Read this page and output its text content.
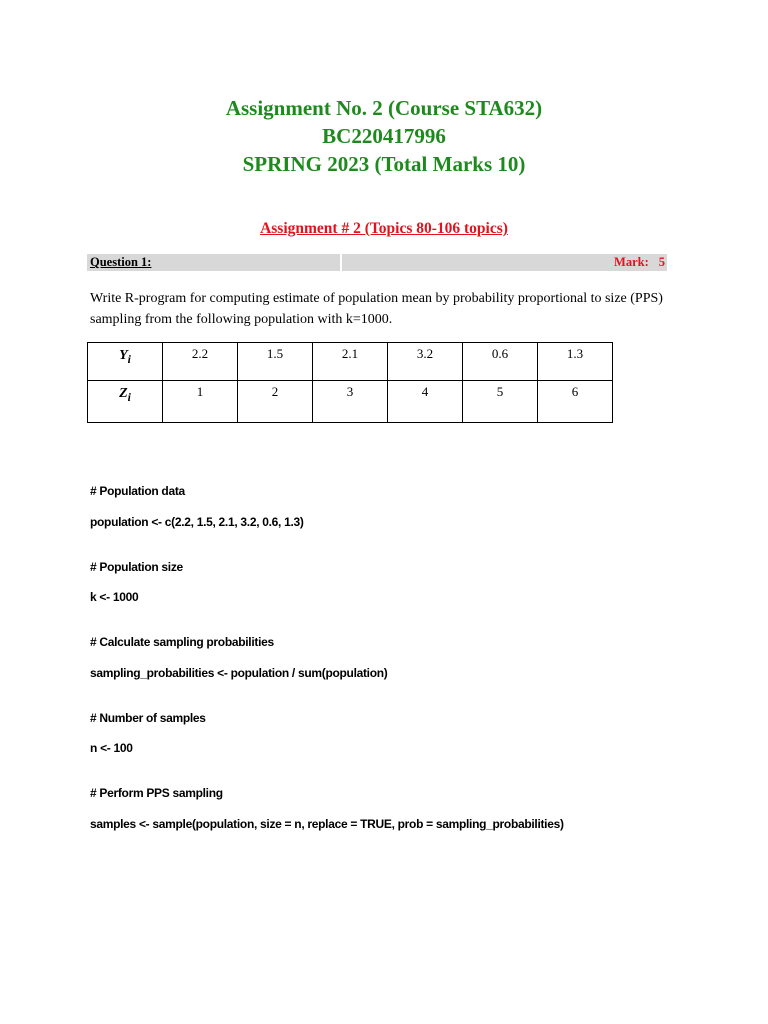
Assignment No. 2 (Course STA632)
BC220417996
SPRING 2023 (Total Marks 10)
Assignment # 2 (Topics 80-106 topics)
Question 1:	Mark: 5
Write R-program for computing estimate of population mean by probability proportional to size (PPS) sampling from the following population with k=1000.
$Y_i$	2.2	1.5	2.1	3.2	0.6	1.3
$Z_i$	1	2	3	4	5	6
# Population data
population <- c(2.2, 1.5, 2.1, 3.2, 0.6, 1.3)
# Population size
k <- 1000
# Calculate sampling probabilities
sampling_probabilities <- population / sum(population)
# Number of samples
n <- 100
# Perform PPS sampling
samples <- sample(population, size = n, replace = TRUE, prob = sampling_probabilities)
